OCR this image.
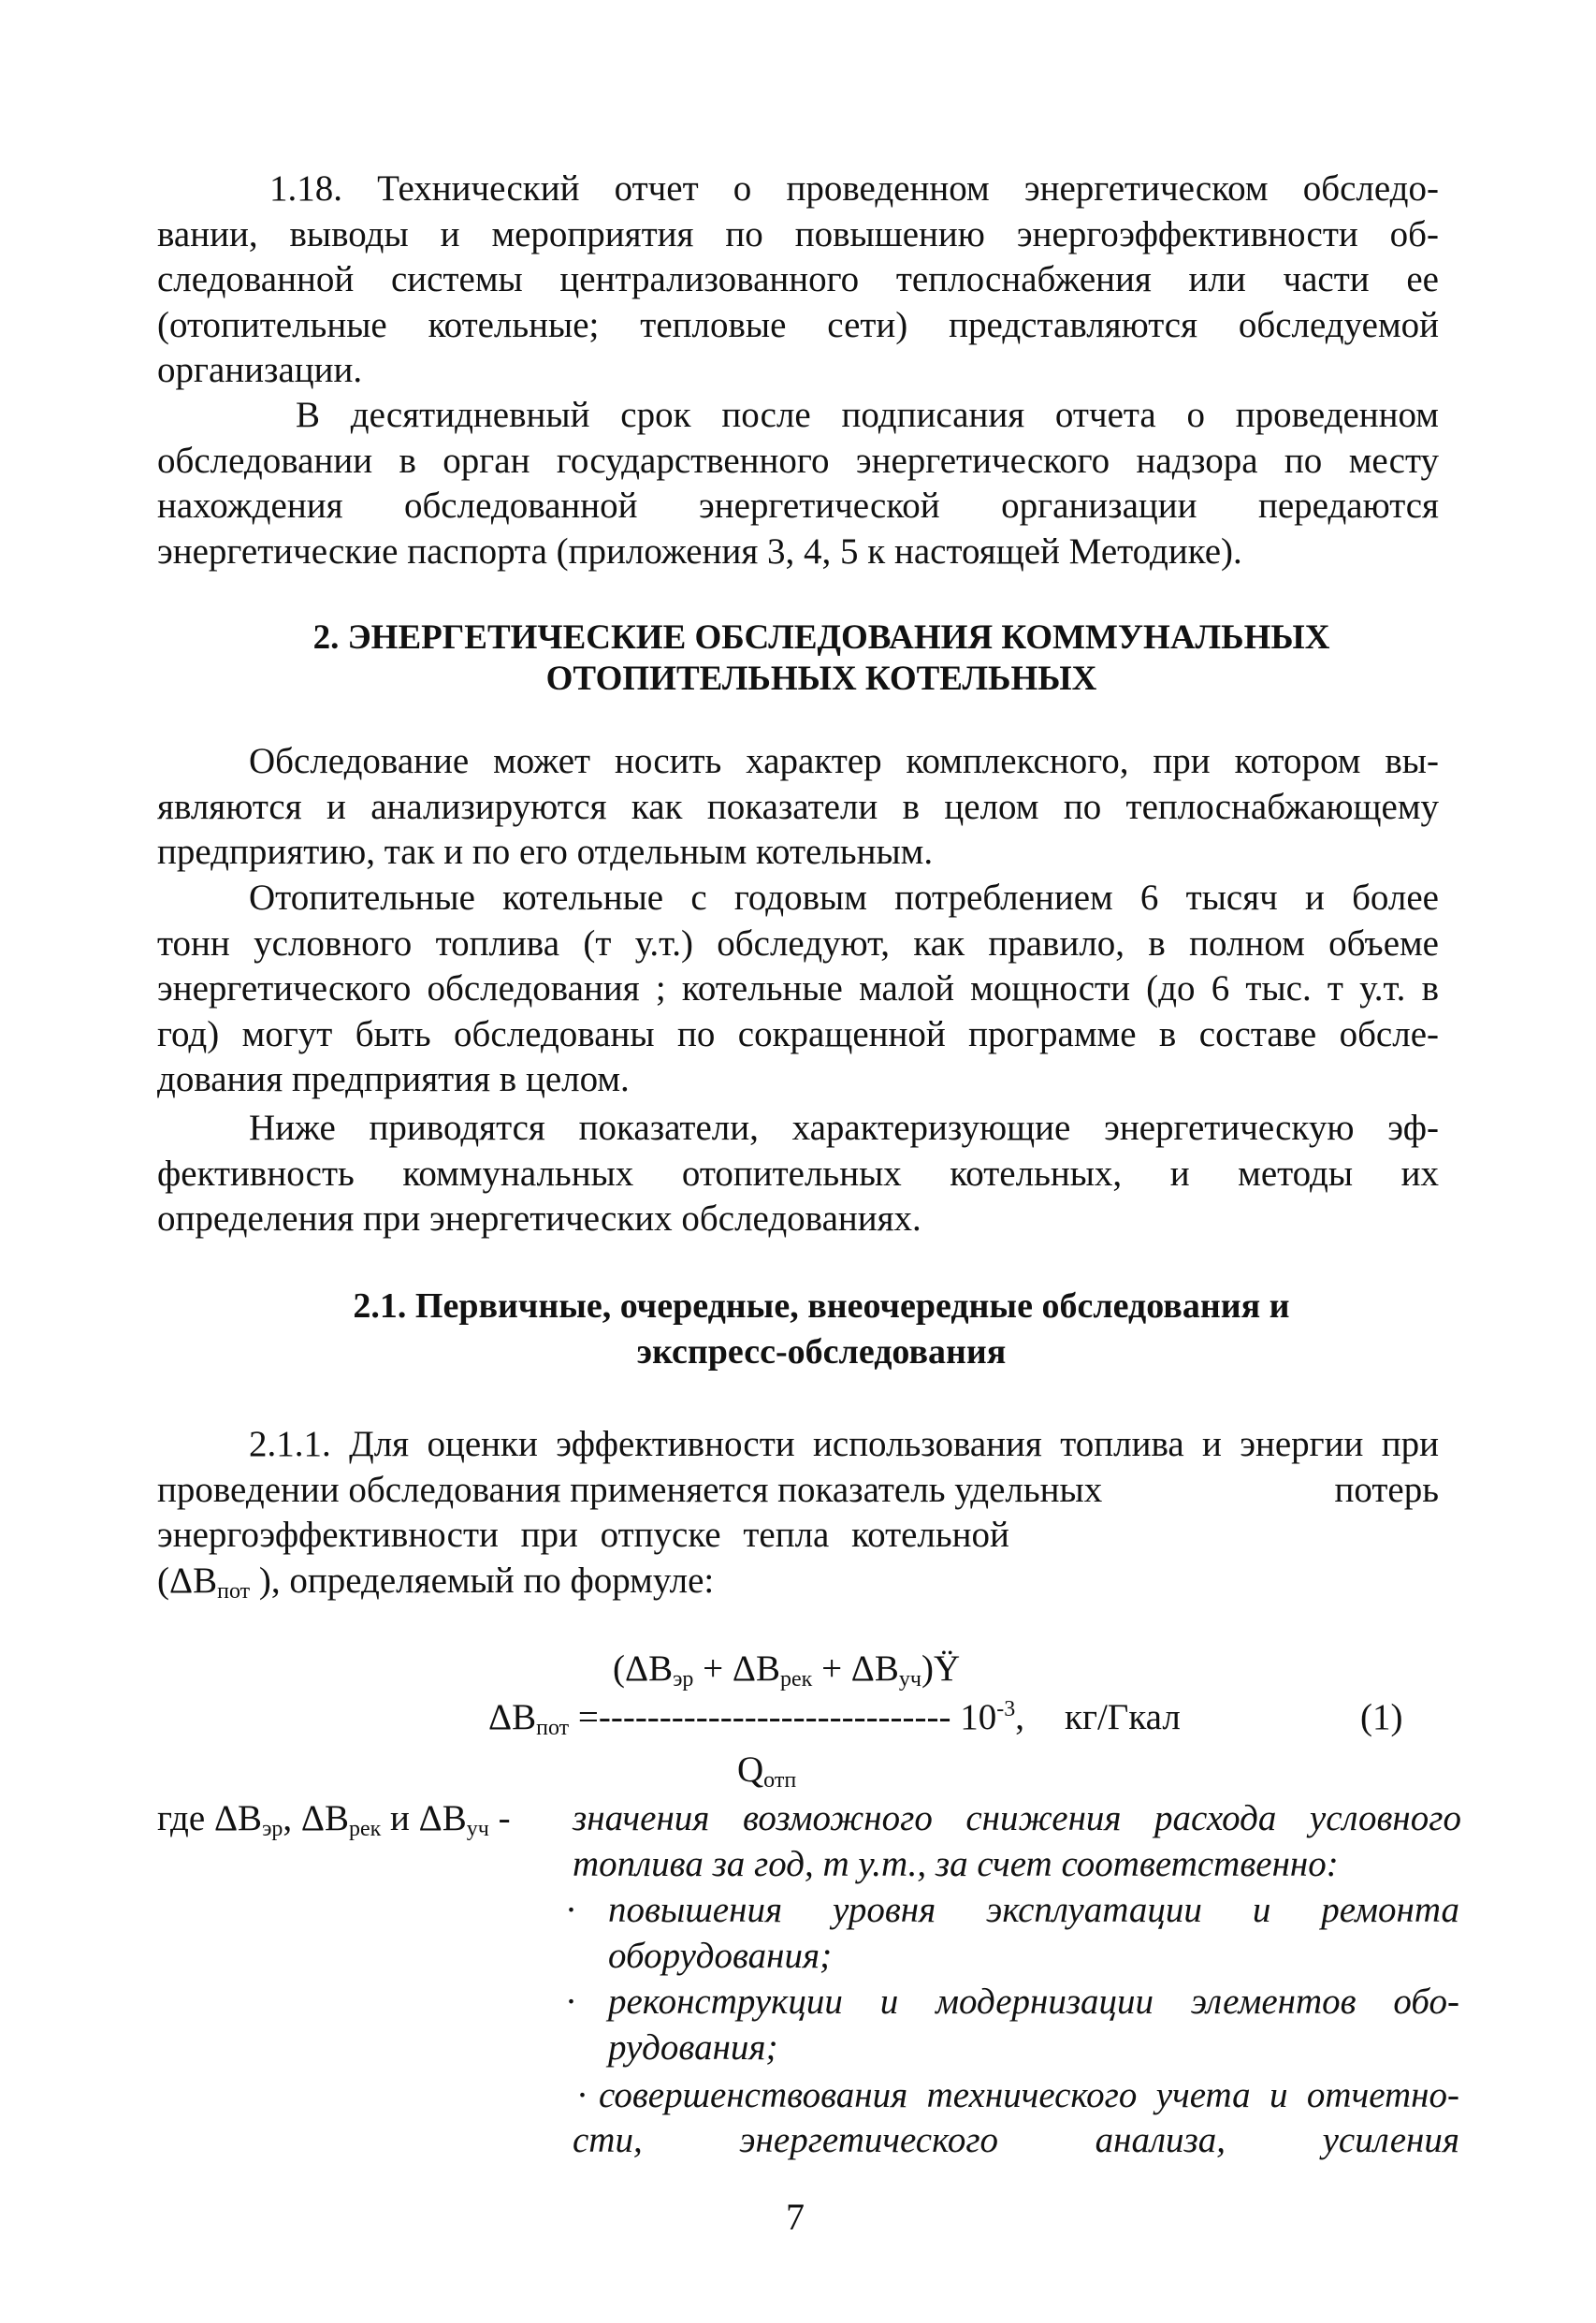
1.18. Технический отчет о проведенном энергетическом обследо-
вании, выводы и мероприятия по повышению энергоэффективности об-
следованной системы централизованного теплоснабжения или части ее
(отопительные котельные; тепловые сети) представляются обследуемой
организации.
В десятидневный срок после подписания отчета о проведенном
обследовании в орган государственного энергетического надзора по месту
нахождения обследованной энергетической организации передаются
энергетические паспорта (приложения 3, 4, 5 к настоящей Методике).
2. ЭНЕРГЕТИЧЕСКИЕ ОБСЛЕДОВАНИЯ КОММУНАЛЬНЫХ
ОТОПИТЕЛЬНЫХ КОТЕЛЬНЫХ
Обследование может носить характер комплексного, при котором вы-
являются и анализируются как показатели в целом по теплоснабжающему
предприятию, так и по его отдельным котельным.
Отопительные котельные с годовым потреблением 6 тысяч и более
тонн условного топлива (т у.т.) обследуют, как правило, в полном объеме
энергетического обследования ; котельные малой мощности (до 6 тыс. т у.т. в
год) могут быть обследованы по сокращенной программе в составе обсле-
дования предприятия в целом.
Ниже приводятся показатели, характеризующие энергетическую эф-
фективность коммунальных отопительных котельных, и методы их
определения при энергетических обследованиях.
2.1. Первичные, очередные, внеочередные обследования и
экспресс-обследования
2.1.1. Для оценки эффективности использования топлива и энергии при
проведении обследования применяется показатель удельных	потерь
энергоэффективности при отпуске тепла котельной
($\Delta B_{пот}$ ), определяемый по формуле:
($\Delta B_{эр} + \Delta B_{рек}$ + $\Delta B_{уч})Ÿ$
$\Delta B_{пот}$ =----------------------------- $10^{-3}$, кг/Гкал	(1)
$Q_{отп}$
где $\Delta B_{эр}$, $\Delta B_{рек}$ и $\Delta B_{уч}$ - значения возможного снижения расхода условного
топлива за год, т у.т., за счет соответственно:
· повышения уровня эксплуатации и ремонта
оборудования;
· реконструкции и модернизации элементов обо-
рудования;
· совершенствования технического учета и отчетно-
сти, энергетического анализа, усиления
7
